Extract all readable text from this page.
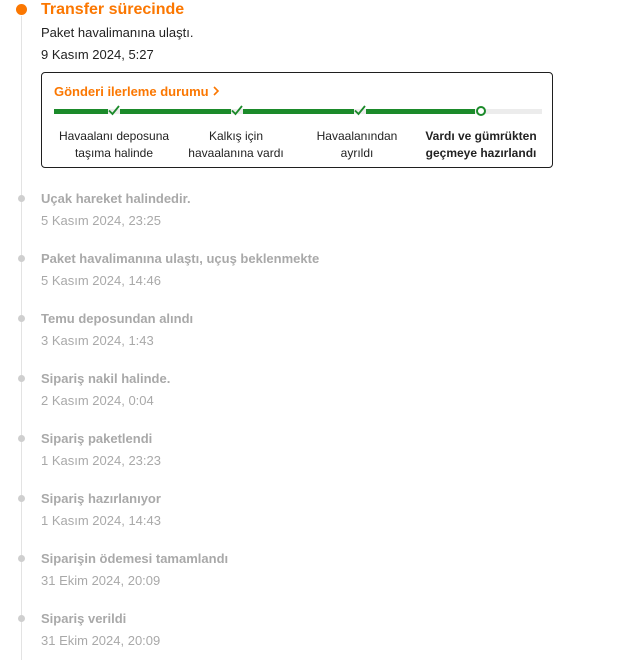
Transfer sürecinde
Paket havalimanına ulaştı.
9 Kasım 2024, 5:27
Gönderi ilerleme durumu
Havaalanı deposuna
taşıma halinde
Kalkış için
havaalanına vardı
Havaalanından
ayrıldı
Vardı ve gümrükten
geçmeye hazırlandı
Uçak hareket halindedir.
5 Kasım 2024, 23:25
Paket havalimanına ulaştı, uçuş beklenmekte
5 Kasım 2024, 14:46
Temu deposundan alındı
3 Kasım 2024, 1:43
Sipariş nakil halinde.
2 Kasım 2024, 0:04
Sipariş paketlendi
1 Kasım 2024, 23:23
Sipariş hazırlanıyor
1 Kasım 2024, 14:43
Siparişin ödemesi tamamlandı
31 Ekim 2024, 20:09
Sipariş verildi
31 Ekim 2024, 20:09
